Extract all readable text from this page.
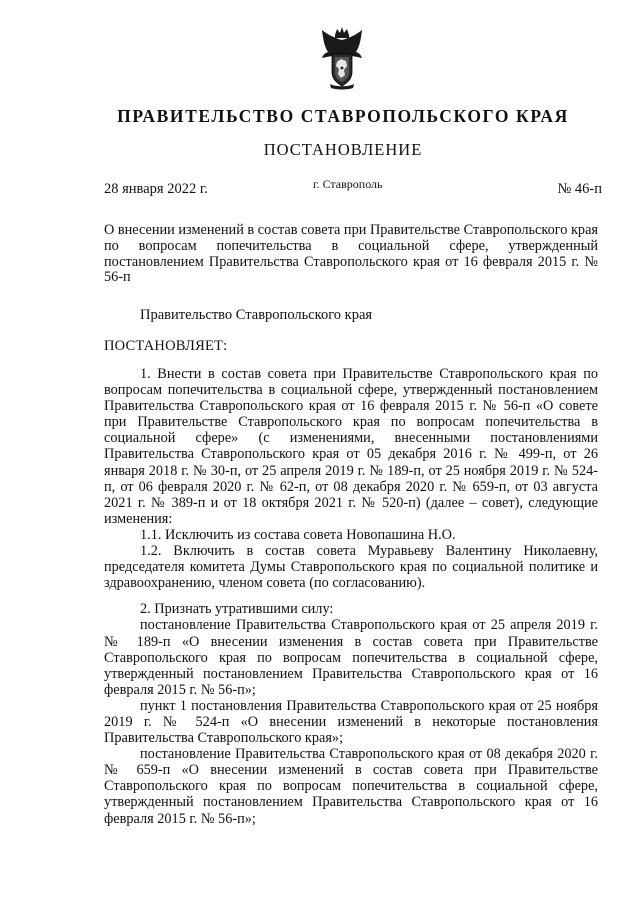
ПРАВИТЕЛЬСТВО СТАВРОПОЛЬСКОГО КРАЯ
ПОСТАНОВЛЕНИЕ
28 января 2022 г.	г. Ставрополь	№ 46-п
О внесении изменений в состав совета при Правительстве Ставропольского края по вопросам попечительства в социальной сфере, утвержденный постановлением Правительства Ставропольского края от 16 февраля 2015 г. № 56-п
Правительство Ставропольского края
ПОСТАНОВЛЯЕТ:

1. Внести в состав совета при Правительстве Ставропольского края по вопросам попечительства в социальной сфере, утвержденный постановлением Правительства Ставропольского края от 16 февраля 2015 г. № 56-п «О совете при Правительстве Ставропольского края по вопросам попечительства в социальной сфере» (с изменениями, внесенными постановлениями Правительства Ставропольского края от 05 декабря 2016 г. № 499-п, от 26 января 2018 г. № 30-п, от 25 апреля 2019 г. № 189-п, от 25 ноября 2019 г. № 524-п, от 06 февраля 2020 г. № 62-п, от 08 декабря 2020 г. № 659-п, от 03 августа 2021 г. № 389-п и от 18 октября 2021 г. № 520-п) (далее – совет), следующие изменения:

1.1. Исключить из состава совета Новопашина Н.О.

1.2. Включить в состав совета Муравьеву Валентину Николаевну, председателя комитета Думы Ставропольского края по социальной политике и здравоохранению, членом совета (по согласованию).

2. Признать утратившими силу:

постановление Правительства Ставропольского края от 25 апреля 2019 г. № 189-п «О внесении изменения в состав совета при Правительстве Ставропольского края по вопросам попечительства в социальной сфере, утвержденный постановлением Правительства Ставропольского края от 16 февраля 2015 г. № 56-п»;

пункт 1 постановления Правительства Ставропольского края от 25 ноября 2019 г. № 524-п «О внесении изменений в некоторые постановления Правительства Ставропольского края»;

постановление Правительства Ставропольского края от 08 декабря 2020 г. № 659-п «О внесении изменений в состав совета при Правительстве Ставропольского края по вопросам попечительства в социальной сфере, утвержденный постановлением Правительства Ставропольского края от 16 февраля 2015 г. № 56-п»;
